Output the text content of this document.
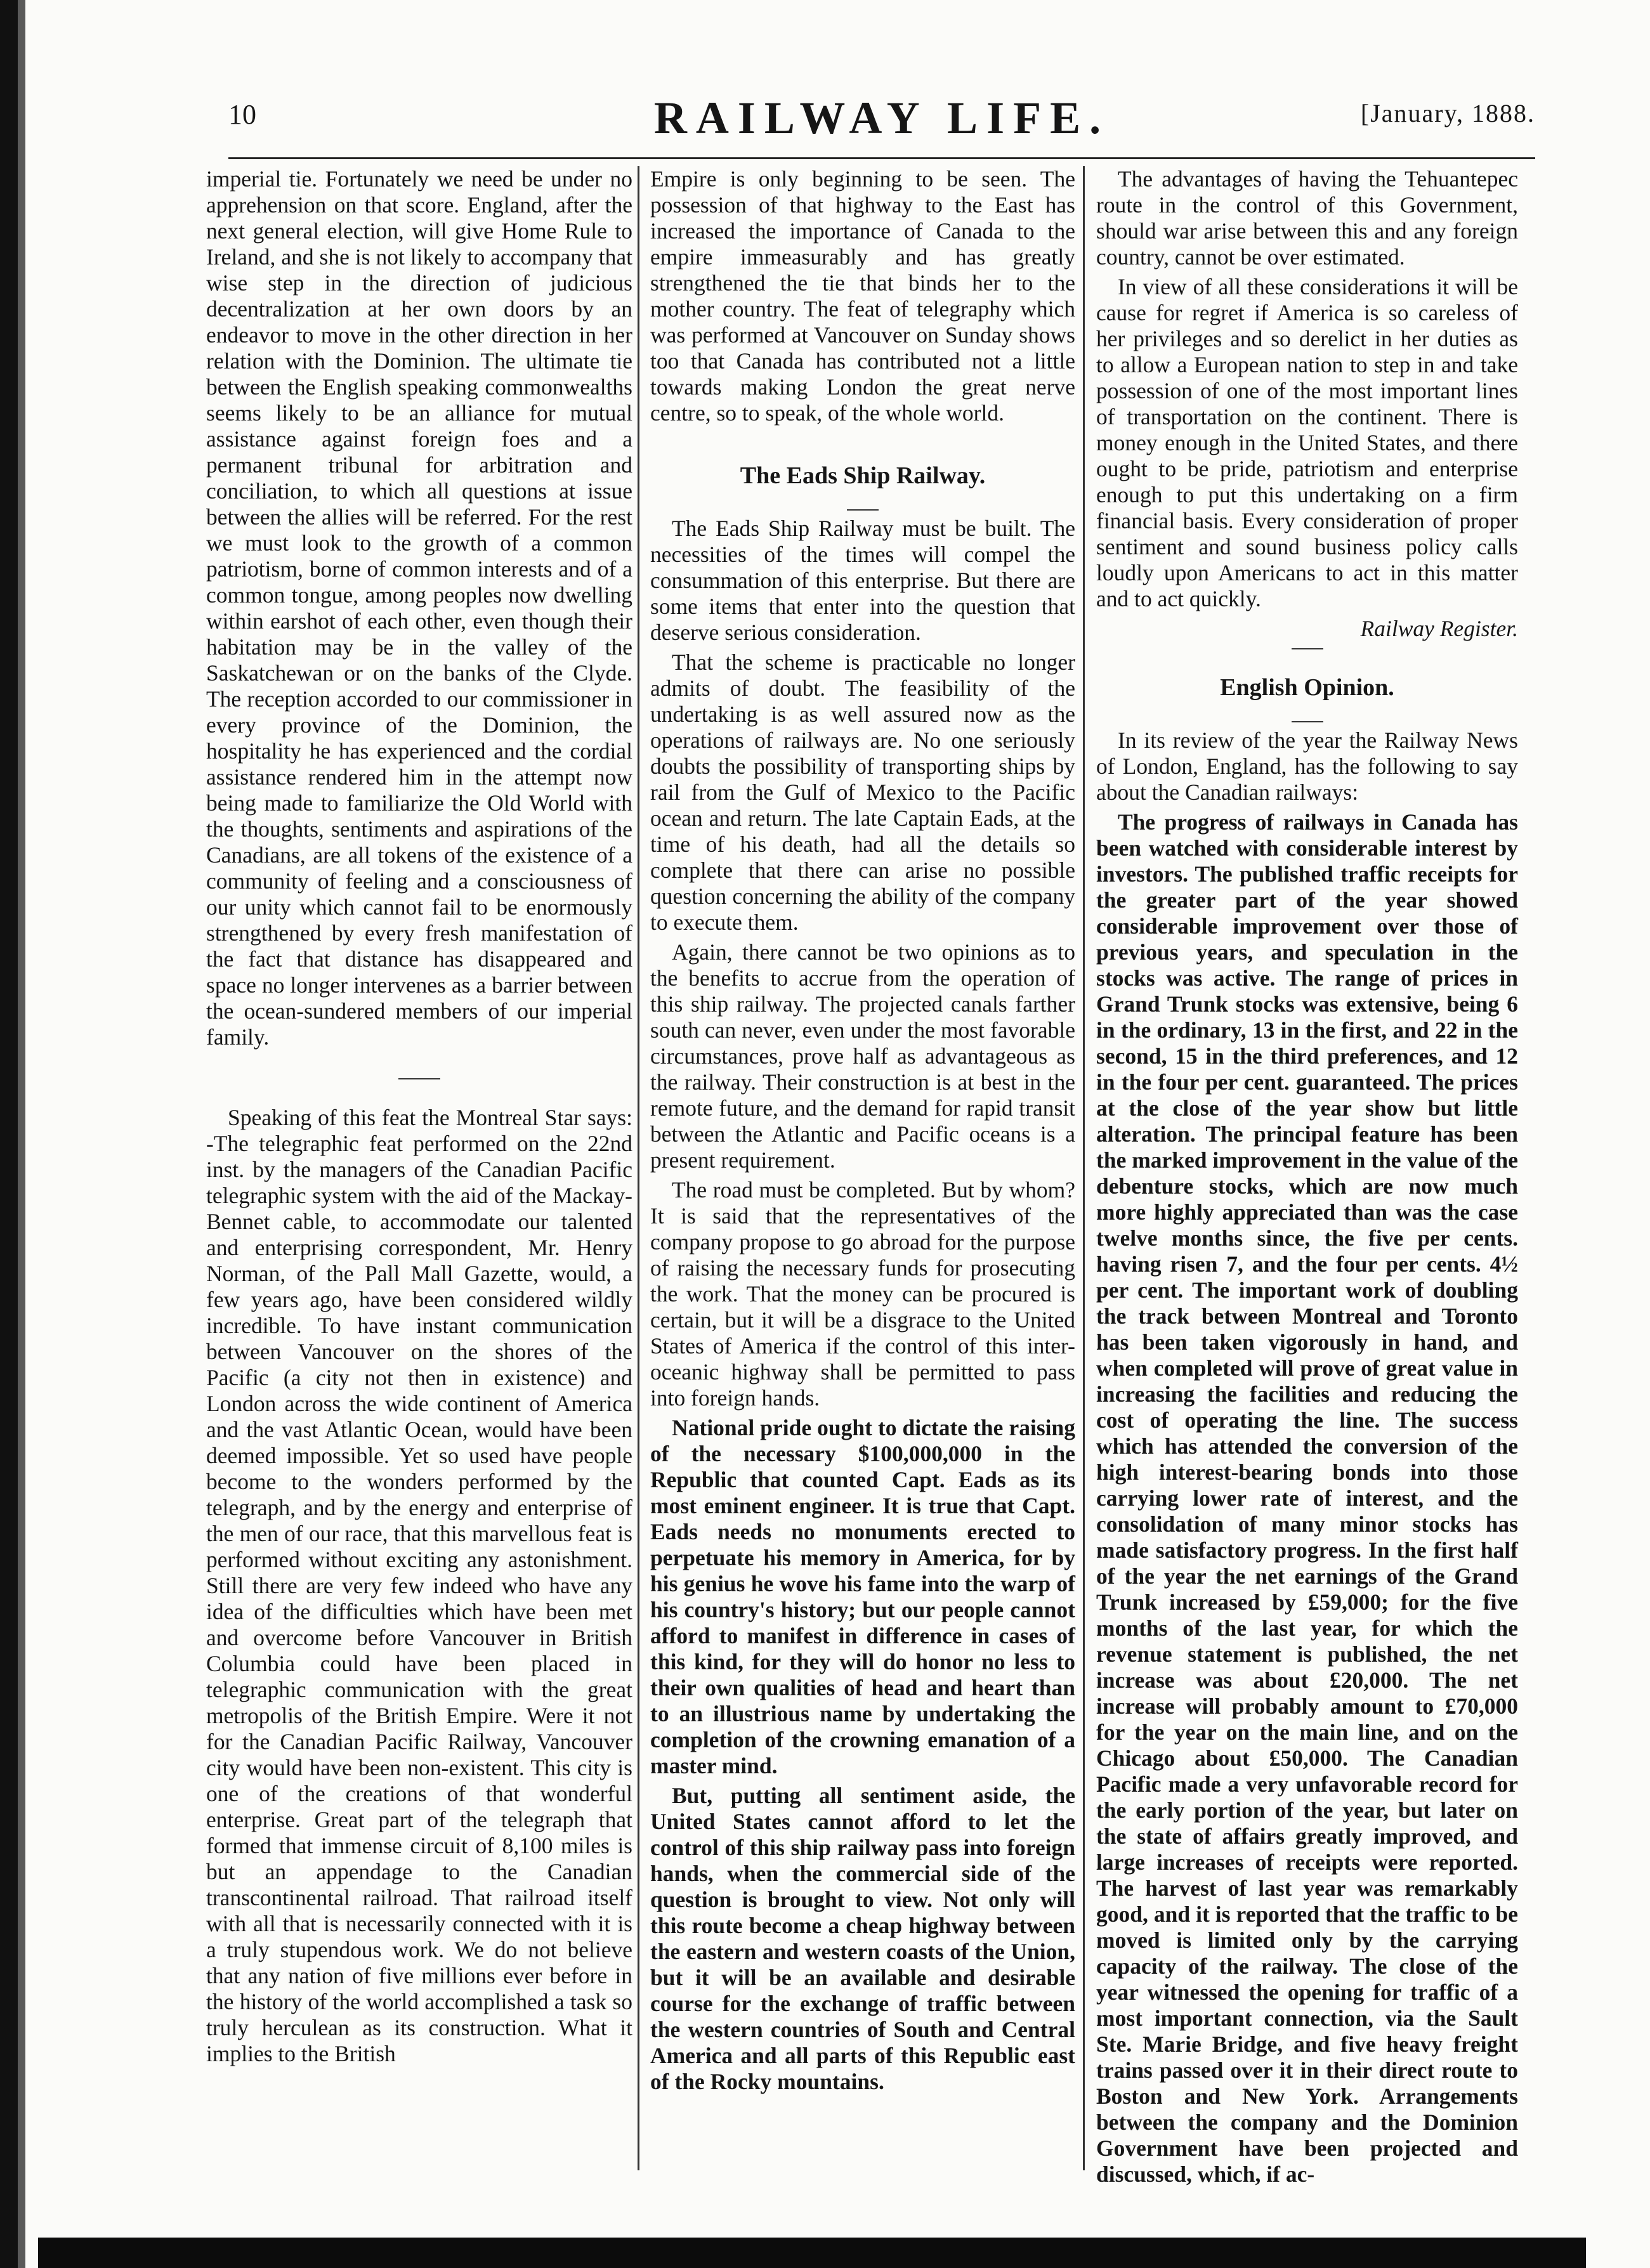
10	RAILWAY LIFE.	[January, 1888.

imperial tie. Fortunately we need be under no apprehension on that score. England, after the next general election, will give Home Rule to Ireland, and she is not likely to accompany that wise step in the direction of judicious decentralization at her own doors by an endeavor to move in the other direction in her relation with the Dominion. The ultimate tie between the English speaking commonwealths seems likely to be an alliance for mutual assistance against foreign foes and a permanent tribunal for arbitration and conciliation, to which all questions at issue between the allies will be referred. For the rest we must look to the growth of a common patriotism, borne of common interests and of a common tongue, among peoples now dwelling within earshot of each other, even though their habitation may be in the valley of the Saskatchewan or on the banks of the Clyde. The reception accorded to our commissioner in every province of the Dominion, the hospitality he has experienced and the cordial assistance rendered him in the attempt now being made to familiarize the Old World with the thoughts, sentiments and aspirations of the Canadians, are all tokens of the existence of a community of feeling and a consciousness of our unity which cannot fail to be enormously strengthened by every fresh manifestation of the fact that distance has disappeared and space no longer intervenes as a barrier between the ocean-sundered members of our imperial family.

Speaking of this feat the Montreal Star says: -The telegraphic feat performed on the 22nd inst. by the managers of the Canadian Pacific telegraphic system with the aid of the Mackay-Bennet cable, to accommodate our talented and enterprising correspondent, Mr. Henry Norman, of the Pall Mall Gazette, would, a few years ago, have been considered wildly incredible. To have instant communication between Vancouver on the shores of the Pacific (a city not then in existence) and London across the wide continent of America and the vast Atlantic Ocean, would have been deemed impossible. Yet so used have people become to the wonders performed by the telegraph, and by the energy and enterprise of the men of our race, that this marvellous feat is performed without exciting any astonishment. Still there are very few indeed who have any idea of the difficulties which have been met and overcome before Vancouver in British Columbia could have been placed in telegraphic communication with the great metropolis of the British Empire. Were it not for the Canadian Pacific Railway, Vancouver city would have been non-existent. This city is one of the creations of that wonderful enterprise. Great part of the telegraph that formed that immense circuit of 8,100 miles is but an appendage to the Canadian transcontinental railroad. That railroad itself with all that is necessarily connected with it is a truly stupendous work. We do not believe that any nation of five millions ever before in the history of the world accomplished a task so truly herculean as its construction. What it implies to the British

Empire is only beginning to be seen. The possession of that highway to the East has increased the importance of Canada to the empire immeasurably and has greatly strengthened the tie that binds her to the mother country. The feat of telegraphy which was performed at Vancouver on Sunday shows too that Canada has contributed not a little towards making London the great nerve centre, so to speak, of the whole world.

The Eads Ship Railway.

The Eads Ship Railway must be built. The necessities of the times will compel the consummation of this enterprise. But there are some items that enter into the question that deserve serious consideration.

That the scheme is practicable no longer admits of doubt. The feasibility of the undertaking is as well assured now as the operations of railways are. No one seriously doubts the possibility of transporting ships by rail from the Gulf of Mexico to the Pacific ocean and return. The late Captain Eads, at the time of his death, had all the details so complete that there can arise no possible question concerning the ability of the company to execute them.

Again, there cannot be two opinions as to the benefits to accrue from the operation of this ship railway. The projected canals farther south can never, even under the most favorable circumstances, prove half as advantageous as the railway. Their construction is at best in the remote future, and the demand for rapid transit between the Atlantic and Pacific oceans is a present requirement.

The road must be completed. But by whom? It is said that the representatives of the company propose to go abroad for the purpose of raising the necessary funds for prosecuting the work. That the money can be procured is certain, but it will be a disgrace to the United States of America if the control of this inter-oceanic highway shall be permitted to pass into foreign hands.

National pride ought to dictate the raising of the necessary $100,000,000 in the Republic that counted Capt. Eads as its most eminent engineer. It is true that Capt. Eads needs no monuments erected to perpetuate his memory in America, for by his genius he wove his fame into the warp of his country's history; but our people cannot afford to manifest in difference in cases of this kind, for they will do honor no less to their own qualities of head and heart than to an illustrious name by undertaking the completion of the crowning emanation of a master mind.

But, putting all sentiment aside, the United States cannot afford to let the control of this ship railway pass into foreign hands, when the commercial side of the question is brought to view. Not only will this route become a cheap highway between the eastern and western coasts of the Union, but it will be an available and desirable course for the exchange of traffic between the western countries of South and Central America and all parts of this Republic east of the Rocky mountains.

The advantages of having the Tehuantepec route in the control of this Government, should war arise between this and any foreign country, cannot be over estimated.

In view of all these considerations it will be cause for regret if America is so careless of her privileges and so derelict in her duties as to allow a European nation to step in and take possession of one of the most important lines of transportation on the continent. There is money enough in the United States, and there ought to be pride, patriotism and enterprise enough to put this undertaking on a firm financial basis. Every consideration of proper sentiment and sound business policy calls loudly upon Americans to act in this matter and to act quickly.

Railway Register.

English Opinion.

In its review of the year the Railway News of London, England, has the following to say about the Canadian railways:

The progress of railways in Canada has been watched with considerable interest by investors. The published traffic receipts for the greater part of the year showed considerable improvement over those of previous years, and speculation in the stocks was active. The range of prices in Grand Trunk stocks was extensive, being 6 in the ordinary, 13 in the first, and 22 in the second, 15 in the third preferences, and 12 in the four per cent. guaranteed. The prices at the close of the year show but little alteration. The principal feature has been the marked improvement in the value of the debenture stocks, which are now much more highly appreciated than was the case twelve months since, the five per cents. having risen 7, and the four per cents. 4½ per cent. The important work of doubling the track between Montreal and Toronto has been taken vigorously in hand, and when completed will prove of great value in increasing the facilities and reducing the cost of operating the line. The success which has attended the conversion of the high interest-bearing bonds into those carrying lower rate of interest, and the consolidation of many minor stocks has made satisfactory progress. In the first half of the year the net earnings of the Grand Trunk increased by £59,000; for the five months of the last year, for which the revenue statement is published, the net increase was about £20,000. The net increase will probably amount to £70,000 for the year on the main line, and on the Chicago about £50,000. The Canadian Pacific made a very unfavorable record for the early portion of the year, but later on the state of affairs greatly improved, and large increases of receipts were reported. The harvest of last year was remarkably good, and it is reported that the traffic to be moved is limited only by the carrying capacity of the railway. The close of the year witnessed the opening for traffic of a most important connection, via the Sault Ste. Marie Bridge, and five heavy freight trains passed over it in their direct route to Boston and New York. Arrangements between the company and the Dominion Government have been projected and discussed, which, if ac-
